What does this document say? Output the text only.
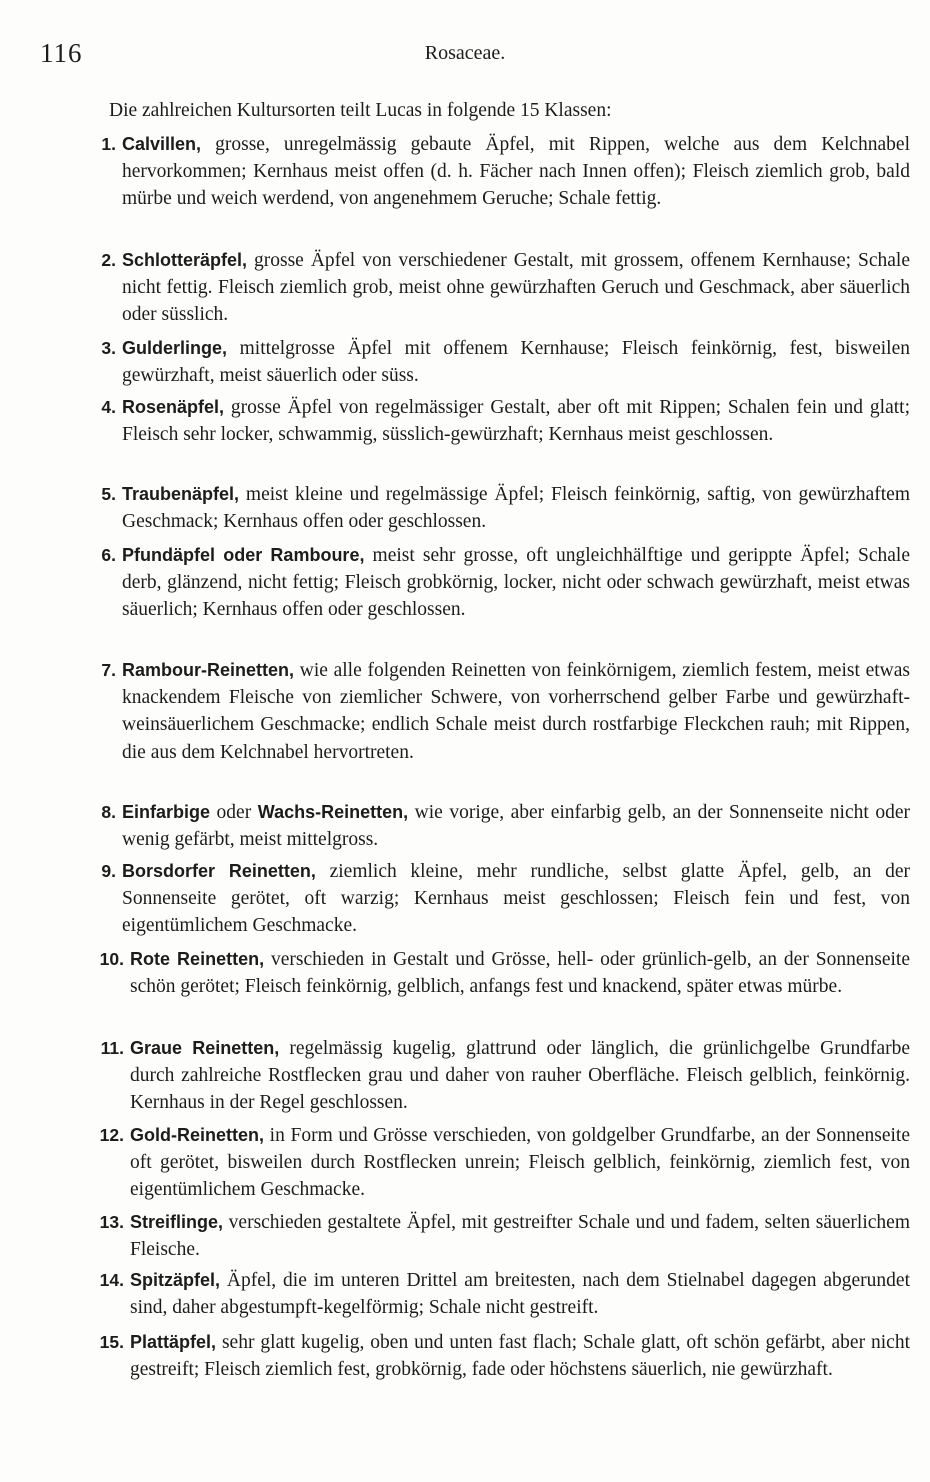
116	Rosaceae.
Die zahlreichen Kultursorten teilt Lucas in folgende 15 Klassen:
1. Calvillen, grosse, unregelmässig gebaute Äpfel, mit Rippen, welche aus dem Kelchnabel hervorkommen; Kernhaus meist offen (d. h. Fächer nach Innen offen); Fleisch ziemlich grob, bald mürbe und weich werdend, von angenehmem Geruche; Schale fettig.
2. Schlotteräpfel, grosse Äpfel von verschiedener Gestalt, mit grossem, offenem Kernhause; Schale nicht fettig. Fleisch ziemlich grob, meist ohne gewürzhaften Geruch und Geschmack, aber säuerlich oder süsslich.
3. Gulderlinge, mittelgrosse Äpfel mit offenem Kernhause; Fleisch feinkörnig, fest, bisweilen gewürzhaft, meist säuerlich oder süss.
4. Rosenäpfel, grosse Äpfel von regelmässiger Gestalt, aber oft mit Rippen; Schalen fein und glatt; Fleisch sehr locker, schwammig, süsslich-gewürzhaft; Kernhaus meist geschlossen.
5. Traubenäpfel, meist kleine und regelmässige Äpfel; Fleisch feinkörnig, saftig, von gewürzhaftem Geschmack; Kernhaus offen oder geschlossen.
6. Pfundäpfel oder Ramboure, meist sehr grosse, oft ungleichhälftige und gerippte Äpfel; Schale derb, glänzend, nicht fettig; Fleisch grobkörnig, locker, nicht oder schwach gewürzhaft, meist etwas säuerlich; Kernhaus offen oder geschlossen.
7. Rambour-Reinetten, wie alle folgenden Reinetten von feinkörnigem, ziemlich festem, meist etwas knackendem Fleische von ziemlicher Schwere, von vorherrschend gelber Farbe und gewürzhaft-weinsäuerlichem Geschmacke; endlich Schale meist durch rostfarbige Fleckchen rauh; mit Rippen, die aus dem Kelchnabel hervortreten.
8. Einfarbige oder Wachs-Reinetten, wie vorige, aber einfarbig gelb, an der Sonnenseite nicht oder wenig gefärbt, meist mittelgross.
9. Borsdorfer Reinetten, ziemlich kleine, mehr rundliche, selbst glatte Äpfel, gelb, an der Sonnenseite gerötet, oft warzig; Kernhaus meist geschlossen; Fleisch fein und fest, von eigentümlichem Geschmacke.
10. Rote Reinetten, verschieden in Gestalt und Grösse, hell- oder grünlich-gelb, an der Sonnenseite schön gerötet; Fleisch feinkörnig, gelblich, anfangs fest und knackend, später etwas mürbe.
11. Graue Reinetten, regelmässig kugelig, glattrund oder länglich, die grünlichgelbe Grundfarbe durch zahlreiche Rostflecken grau und daher von rauher Oberfläche. Fleisch gelblich, feinkörnig. Kernhaus in der Regel geschlossen.
12. Gold-Reinetten, in Form und Grösse verschieden, von goldgelber Grundfarbe, an der Sonnenseite oft gerötet, bisweilen durch Rostflecken unrein; Fleisch gelblich, feinkörnig, ziemlich fest, von eigentümlichem Geschmacke.
13. Streiflinge, verschieden gestaltete Äpfel, mit gestreifter Schale und und fadem, selten säuerlichem Fleische.
14. Spitzäpfel, Äpfel, die im unteren Drittel am breitesten, nach dem Stielnabel dagegen abgerundet sind, daher abgestumpft-kegelförmig; Schale nicht gestreift.
15. Plattäpfel, sehr glatt kugelig, oben und unten fast flach; Schale glatt, oft schön gefärbt, aber nicht gestreift; Fleisch ziemlich fest, grobkörnig, fade oder höchstens säuerlich, nie gewürzhaft.
